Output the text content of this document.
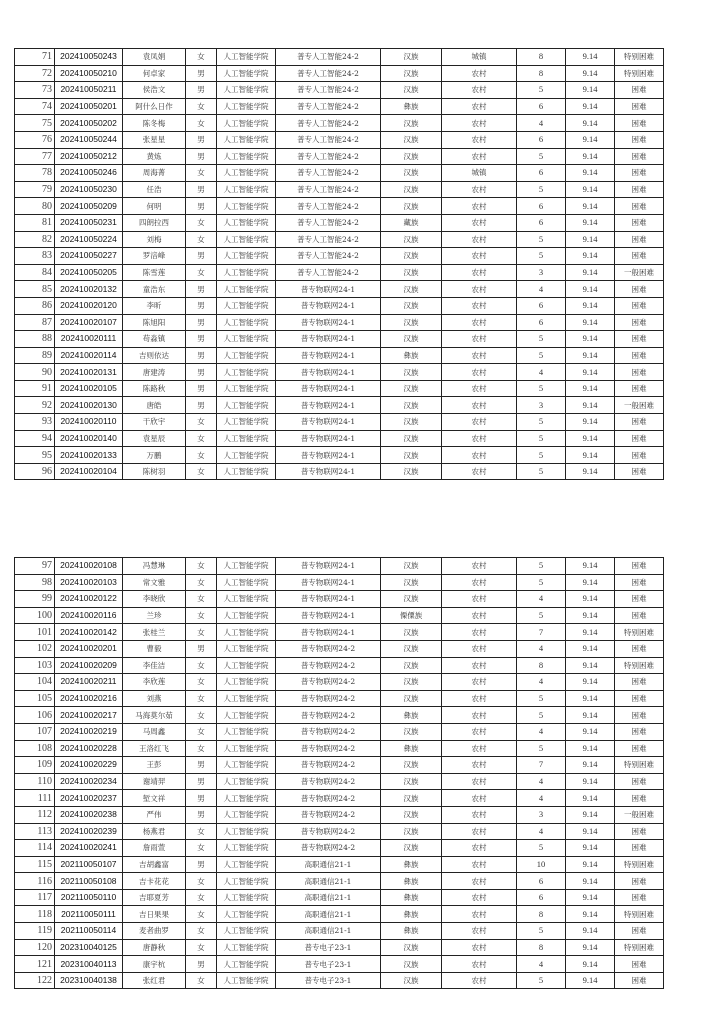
71	202410050243	袁凤娟	女	人工智能学院	普专人工智能24-2	汉族	城镇	8	9.14	特别困难
72	202410050210	何卓家	男	人工智能学院	普专人工智能24-2	汉族	农村	8	9.14	特别困难
73	202410050211	侯浩文	男	人工智能学院	普专人工智能24-2	汉族	农村	5	9.14	困难
74	202410050201	阿什么日作	女	人工智能学院	普专人工智能24-2	彝族	农村	6	9.14	困难
75	202410050202	陈冬梅	女	人工智能学院	普专人工智能24-2	汉族	农村	4	9.14	困难
76	202410050244	张星星	男	人工智能学院	普专人工智能24-2	汉族	农村	6	9.14	困难
77	202410050212	黄炼	男	人工智能学院	普专人工智能24-2	汉族	农村	5	9.14	困难
78	202410050246	周海菁	女	人工智能学院	普专人工智能24-2	汉族	城镇	6	9.14	困难
79	202410050230	任浩	男	人工智能学院	普专人工智能24-2	汉族	农村	5	9.14	困难
80	202410050209	何明	男	人工智能学院	普专人工智能24-2	汉族	农村	6	9.14	困难
81	202410050231	四朗拉西	女	人工智能学院	普专人工智能24-2	藏族	农村	6	9.14	困难
82	202410050224	刘梅	女	人工智能学院	普专人工智能24-2	汉族	农村	5	9.14	困难
83	202410050227	罗涪峰	男	人工智能学院	普专人工智能24-2	汉族	农村	5	9.14	困难
84	202410050205	陈雪莲	女	人工智能学院	普专人工智能24-2	汉族	农村	3	9.14	一般困难
85	202410020132	童浩东	男	人工智能学院	普专物联网24-1	汉族	农村	4	9.14	困难
86	202410020120	李昕	男	人工智能学院	普专物联网24-1	汉族	农村	6	9.14	困难
87	202410020107	陈旭阳	男	人工智能学院	普专物联网24-1	汉族	农村	6	9.14	困难
88	202410020111	苟淼镇	男	人工智能学院	普专物联网24-1	汉族	农村	5	9.14	困难
89	202410020114	吉则依达	男	人工智能学院	普专物联网24-1	彝族	农村	5	9.14	困难
90	202410020131	唐建涛	男	人工智能学院	普专物联网24-1	汉族	农村	4	9.14	困难
91	202410020105	陈路秋	男	人工智能学院	普专物联网24-1	汉族	农村	5	9.14	困难
92	202410020130	唐皓	男	人工智能学院	普专物联网24-1	汉族	农村	3	9.14	一般困难
93	202410020110	干欣宇	女	人工智能学院	普专物联网24-1	汉族	农村	5	9.14	困难
94	202410020140	袁星辰	女	人工智能学院	普专物联网24-1	汉族	农村	5	9.14	困难
95	202410020133	万鹏	女	人工智能学院	普专物联网24-1	汉族	农村	5	9.14	困难
96	202410020104	陈树羽	女	人工智能学院	普专物联网24-1	汉族	农村	5	9.14	困难
97	202410020108	冯慧琳	女	人工智能学院	普专物联网24-1	汉族	农村	5	9.14	困难
98	202410020103	常文雅	女	人工智能学院	普专物联网24-1	汉族	农村	5	9.14	困难
99	202410020122	李晓欣	女	人工智能学院	普专物联网24-1	汉族	农村	4	9.14	困难
100	202410020116	兰珍	女	人工智能学院	普专物联网24-1	傈僳族	农村	5	9.14	困难
101	202410020142	张桂兰	女	人工智能学院	普专物联网24-1	汉族	农村	7	9.14	特别困难
102	202410020201	曹毅	男	人工智能学院	普专物联网24-2	汉族	农村	4	9.14	困难
103	202410020209	李佳洁	女	人工智能学院	普专物联网24-2	汉族	农村	8	9.14	特别困难
104	202410020211	李欣莲	女	人工智能学院	普专物联网24-2	汉族	农村	4	9.14	困难
105	202410020216	刘燕	女	人工智能学院	普专物联网24-2	汉族	农村	5	9.14	困难
106	202410020217	马海莫尔茹	女	人工智能学院	普专物联网24-2	彝族	农村	5	9.14	困难
107	202410020219	马周鑫	女	人工智能学院	普专物联网24-2	汉族	农村	4	9.14	困难
108	202410020228	王洛红飞	女	人工智能学院	普专物联网24-2	彝族	农村	5	9.14	困难
109	202410020229	王彭	男	人工智能学院	普专物联网24-2	汉族	农村	7	9.14	特别困难
110	202410020234	谢靖羿	男	人工智能学院	普专物联网24-2	汉族	农村	4	9.14	困难
111	202410020237	堑文祥	男	人工智能学院	普专物联网24-2	汉族	农村	4	9.14	困难
112	202410020238	严伟	男	人工智能学院	普专物联网24-2	汉族	农村	3	9.14	一般困难
113	202410020239	杨燕君	女	人工智能学院	普专物联网24-2	汉族	农村	4	9.14	困难
114	202410020241	詹雨萱	女	人工智能学院	普专物联网24-2	汉族	农村	5	9.14	困难
115	202110050107	吉胡鑫富	男	人工智能学院	高职通信21-1	彝族	农村	10	9.14	特别困难
116	202110050108	吉卡花花	女	人工智能学院	高职通信21-1	彝族	农村	6	9.14	困难
117	202110050110	吉耶夏芳	女	人工智能学院	高职通信21-1	彝族	农村	6	9.14	困难
118	202110050111	吉日果果	女	人工智能学院	高职通信21-1	彝族	农村	8	9.14	特别困难
119	202110050114	麦者曲罗	女	人工智能学院	高职通信21-1	彝族	农村	5	9.14	困难
120	202310040125	唐静秋	女	人工智能学院	普专电子23-1	汉族	农村	8	9.14	特别困难
121	202310040113	康宇杭	男	人工智能学院	普专电子23-1	汉族	农村	4	9.14	困难
122	202310040138	张红君	女	人工智能学院	普专电子23-1	汉族	农村	5	9.14	困难
